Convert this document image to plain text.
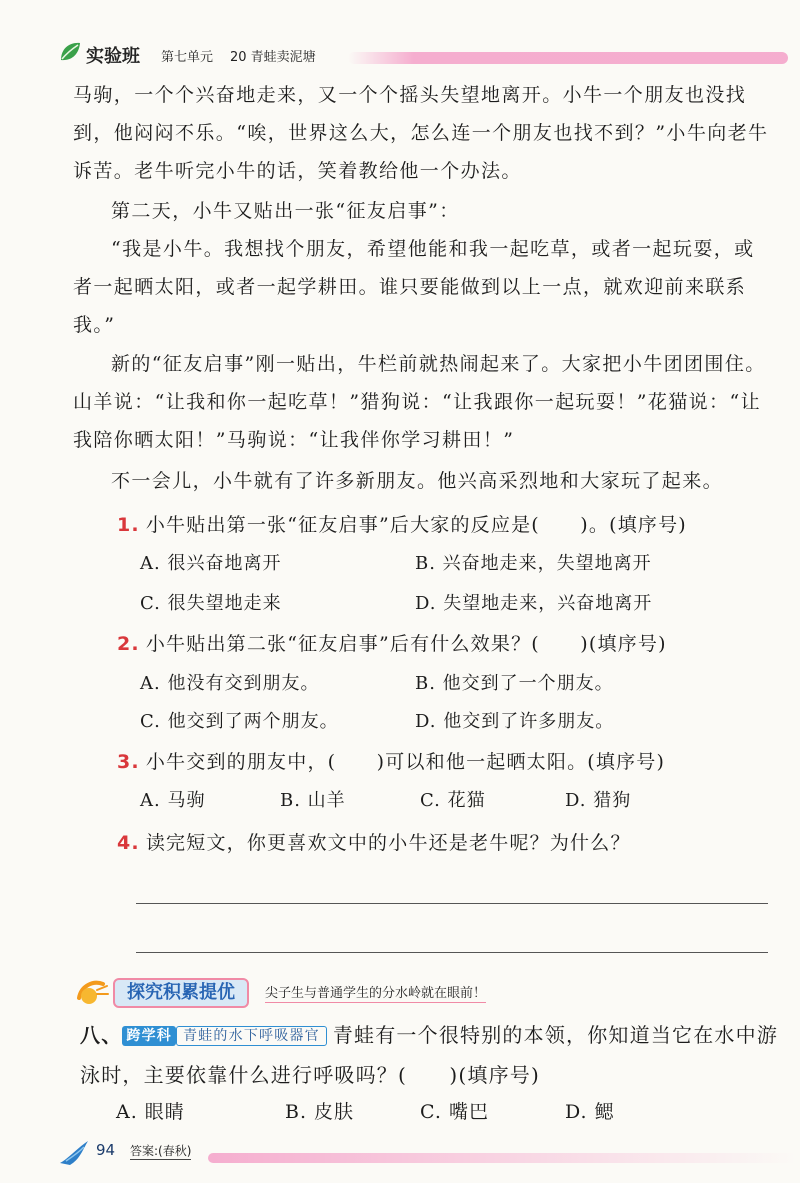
实验班 第七单元 20 青蛙卖泥塘

马驹，一个个兴奋地走来，又一个个摇头失望地离开。小牛一个朋友也没找到，他闷闷不乐。“唉，世界这么大，怎么连一个朋友也找不到？”小牛向老牛诉苦。老牛听完小牛的话，笑着教给他一个办法。

第二天，小牛又贴出一张“征友启事”：

“我是小牛。我想找个朋友，希望他能和我一起吃草，或者一起玩耍，或者一起晒太阳，或者一起学耕田。谁只要能做到以上一点，就欢迎前来联系我。”

新的“征友启事”刚一贴出，牛栏前就热闹起来了。大家把小牛团团围住。山羊说：“让我和你一起吃草！”猎狗说：“让我跟你一起玩耍！”花猫说：“让我陪你晒太阳！”马驹说：“让我伴你学习耕田！”

不一会儿，小牛就有了许多新朋友。他兴高采烈地和大家玩了起来。

1. 小牛贴出第一张“征友启事”后大家的反应是(　　)。(填序号)
A. 很兴奋地离开	B. 兴奋地走来，失望地离开
C. 很失望地走来	D. 失望地走来，兴奋地离开
2. 小牛贴出第二张“征友启事”后有什么效果？(　　)(填序号)
A. 他没有交到朋友。	B. 他交到了一个朋友。
C. 他交到了两个朋友。	D. 他交到了许多朋友。
3. 小牛交到的朋友中，(　　)可以和他一起晒太阳。(填序号)
A. 马驹	B. 山羊	C. 花猫	D. 猎狗
4. 读完短文，你更喜欢文中的小牛还是老牛呢？为什么？
探究积累提优	尖子生与普通学生的分水岭就在眼前！
八、 跨学科 青蛙的水下呼吸器官 青蛙有一个很特别的本领，你知道当它在水中游泳时，主要依靠什么进行呼吸吗？(　　)(填序号)
A. 眼睛	B. 皮肤	C. 嘴巴	D. 鳃
94 答案:(春秋)
